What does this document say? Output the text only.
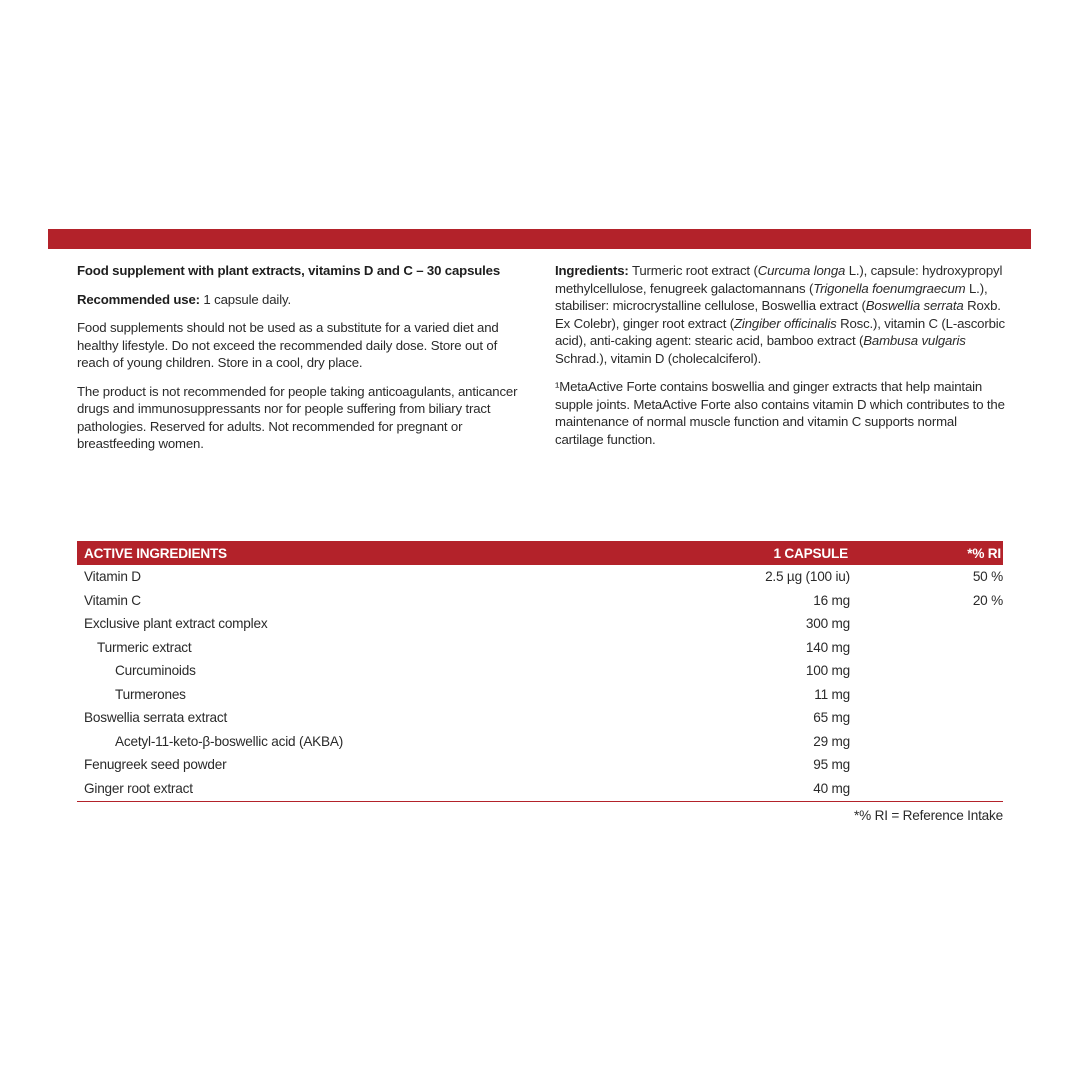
Food supplement with plant extracts, vitamins D and C – 30 capsules

Recommended use: 1 capsule daily.

Food supplements should not be used as a substitute for a varied diet and healthy lifestyle. Do not exceed the recommended daily dose. Store out of reach of young children. Store in a cool, dry place.

The product is not recommended for people taking anticoagulants, anticancer drugs and immunosuppressants nor for people suffering from biliary tract pathologies. Reserved for adults. Not recommended for pregnant or breastfeeding women.

Ingredients: Turmeric root extract (Curcuma longa L.), capsule: hydroxypropyl methylcellulose, fenugreek galactomannans (Trigonella foenumgraecum L.), stabiliser: microcrystalline cellulose, Boswellia extract (Boswellia serrata Roxb. Ex Colebr), ginger root extract (Zingiber officinalis Rosc.), vitamin C (L-ascorbic acid), anti-caking agent: stearic acid, bamboo extract (Bambusa vulgaris Schrad.), vitamin D (cholecalciferol).

¹MetaActive Forte contains boswellia and ginger extracts that help maintain supple joints. MetaActive Forte also contains vitamin D which contributes to the maintenance of normal muscle function and vitamin C supports normal cartilage function.

ACTIVE INGREDIENTS	1 CAPSULE	*% RI
Vitamin D	2.5 µg (100 iu)	50 %
Vitamin C	16 mg	20 %
Exclusive plant extract complex	300 mg
Turmeric extract	140 mg
Curcuminoids	100 mg
Turmerones	11 mg
Boswellia serrata extract	65 mg
Acetyl-11-keto-β-boswellic acid (AKBA)	29 mg
Fenugreek seed powder	95 mg
Ginger root extract	40 mg
*% RI = Reference Intake
